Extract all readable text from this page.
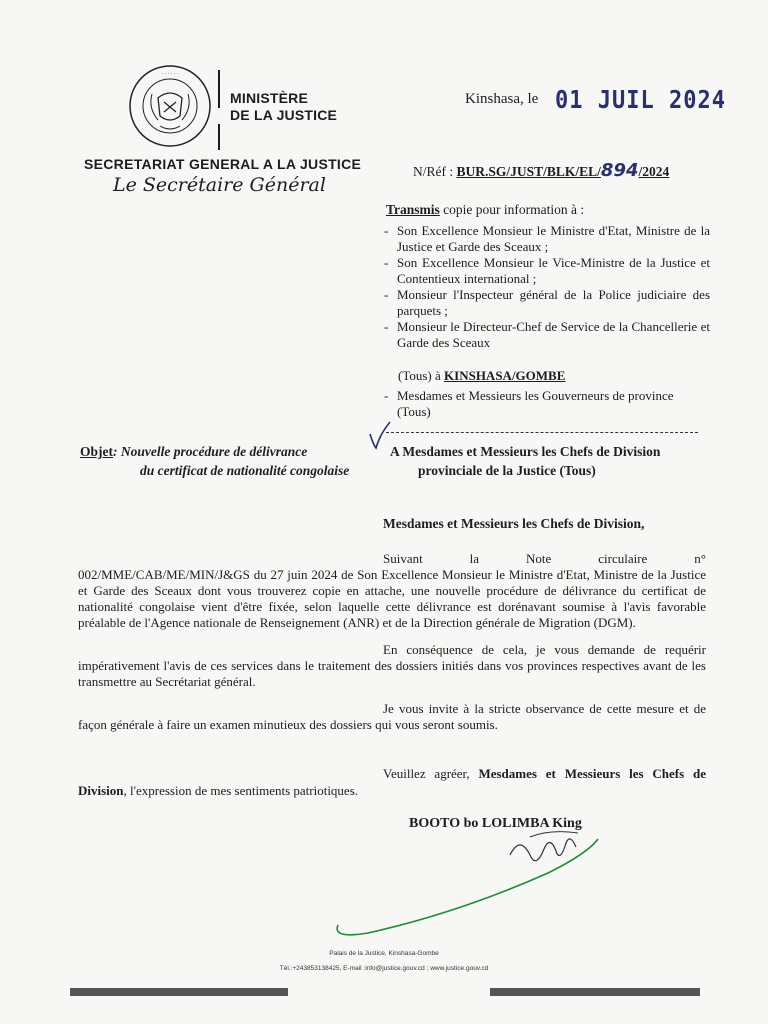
· · · · · ·
MINISTÈRE
DE LA JUSTICE
SECRETARIAT GENERAL A LA JUSTICE
Le Secrétaire Général
Kinshasa, le 01 JUIL 2024
N/Réf : BUR.SG/JUST/BLK/EL/894/2024
Transmis copie pour information à :
- Son Excellence Monsieur le Ministre d'Etat, Ministre de la Justice et Garde des Sceaux ;
- Son Excellence Monsieur le Vice-Ministre de la Justice et Contentieux international ;
- Monsieur l'Inspecteur général de la Police judiciaire des parquets ;
- Monsieur le Directeur-Chef de Service de la Chancellerie et Garde des Sceaux
(Tous) à KINSHASA/GOMBE
- Mesdames et Messieurs les Gouverneurs de province (Tous)
Objet: Nouvelle procédure de délivrance
du certificat de nationalité congolaise
A Mesdames et Messieurs les Chefs de Division
provinciale de la Justice (Tous)
Mesdames et Messieurs les Chefs de Division,

Suivant la Note circulaire n° 002/MME/CAB/ME/MIN/J&GS du 27 juin 2024 de Son Excellence Monsieur le Ministre d'Etat, Ministre de la Justice et Garde des Sceaux dont vous trouverez copie en attache, une nouvelle procédure de délivrance du certificat de nationalité congolaise vient d'être fixée, selon laquelle cette délivrance est dorénavant soumise à l'avis favorable préalable de l'Agence nationale de Renseignement (ANR) et de la Direction générale de Migration (DGM).

En conséquence de cela, je vous demande de requérir impérativement l'avis de ces services dans le traitement des dossiers initiés dans vos provinces respectives avant de les transmettre au Secrétariat général.

Je vous invite à la stricte observance de cette mesure et de façon générale à faire un examen minutieux des dossiers qui vous seront soumis.

Veuillez agréer, Mesdames et Messieurs les Chefs de Division, l'expression de mes sentiments patriotiques.
BOOTO bo LOLIMBA King
Palais de la Justice, Kinshasa-Gombe
Tél.:+243853138425, E-mail :info@justice.gouv.cd ; www.justice.gouv.cd
